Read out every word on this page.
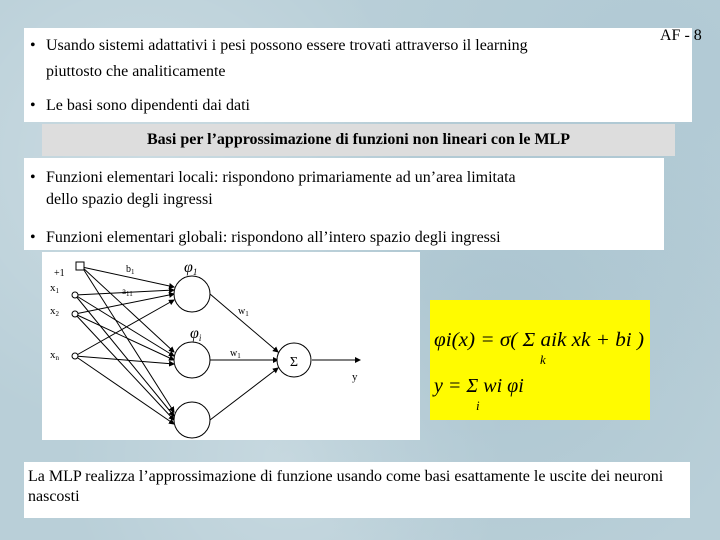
• Usando sistemi adattativi i pesi possono essere trovati attraverso il learning
piuttosto che analiticamente
• Le basi sono dipendenti dai dati
AF - 8
Basi per l’approssimazione di funzioni non lineari con le MLP
• Funzioni elementari locali: rispondono primariamente ad un’area limitata
dello spazio degli ingressi
• Funzioni elementari globali: rispondono all’intero spazio degli ingressi
Σ
+1	$b_1$
$a_{11}$
x1
x2
xn
φ1
φi
$w_1$
$w_1$
y
φi(x) = σ( Σ aik xk + bi )
k
y = Σ wi φi
i
La MLP realizza l’approssimazione di funzione usando come basi esattamente le uscite dei neuroni nascosti
